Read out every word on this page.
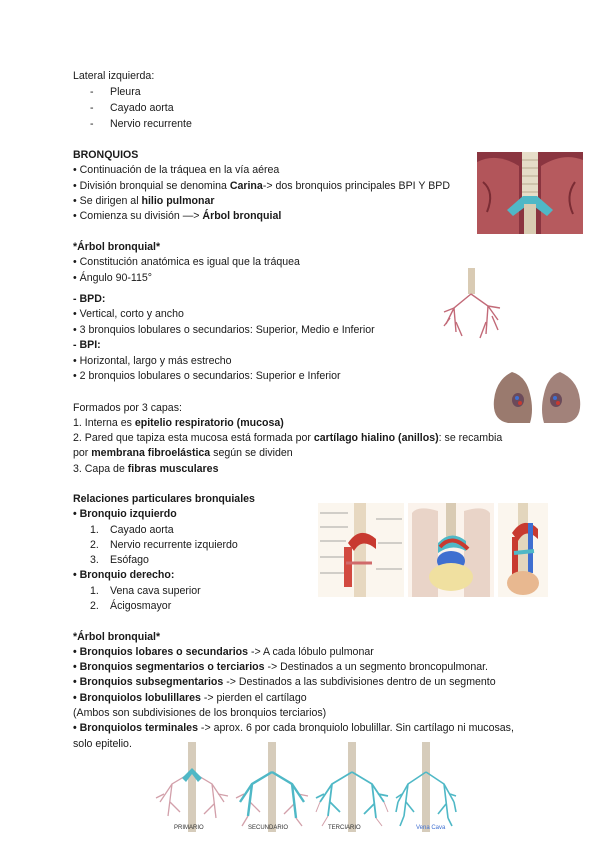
Lateral izquierda:
- Pleura
- Cayado aorta
- Nervio recurrente
BRONQUIOS
• Continuación de la tráquea en la vía aérea
• División bronquial se denomina Carina-> dos bronquios principales BPI Y BPD
• Se dirigen al hilio pulmonar
• Comienza su división —> Árbol bronquial
*Árbol bronquial*
• Constitución anatómica es igual que la tráquea
• Ángulo 90-115°
- BPD:
• Vertical, corto y ancho
• 3 bronquios lobulares o secundarios: Superior, Medio e Inferior
- BPI:
• Horizontal, largo y más estrecho
• 2 bronquios lobulares o secundarios: Superior e Inferior
Formados por 3 capas:
1. Interna es epitelio respiratorio (mucosa)
2. Pared que tapiza esta mucosa está formada por cartílago hialino (anillos): se recambia
por membrana fibroelástica según se dividen
3. Capa de fibras musculares
Relaciones particulares bronquiales
• Bronquio izquierdo
1. Cayado aorta
2. Nervio recurrente izquierdo
3. Esófago
• Bronquio derecho:
1. Vena cava superior
2. Ácigosmayor
*Árbol bronquial*
• Bronquios lobares o secundarios -> A cada lóbulo pulmonar
• Bronquios segmentarios o terciarios -> Destinados a un segmento broncopulmonar.
• Bronquios subsegmentarios -> Destinados a las subdivisiones dentro de un segmento
• Bronquiolos lobulillares -> pierden el cartílago
(Ambos son subdivisiones de los bronquios terciarios)
• Bronquiolos terminales -> aprox. 6 por cada bronquiolo lobulillar. Sin cartílago ni mucosas,
solo epitelio.
PRIMARIO	SECUNDARIO	TERCIARIO	Vena Cava
